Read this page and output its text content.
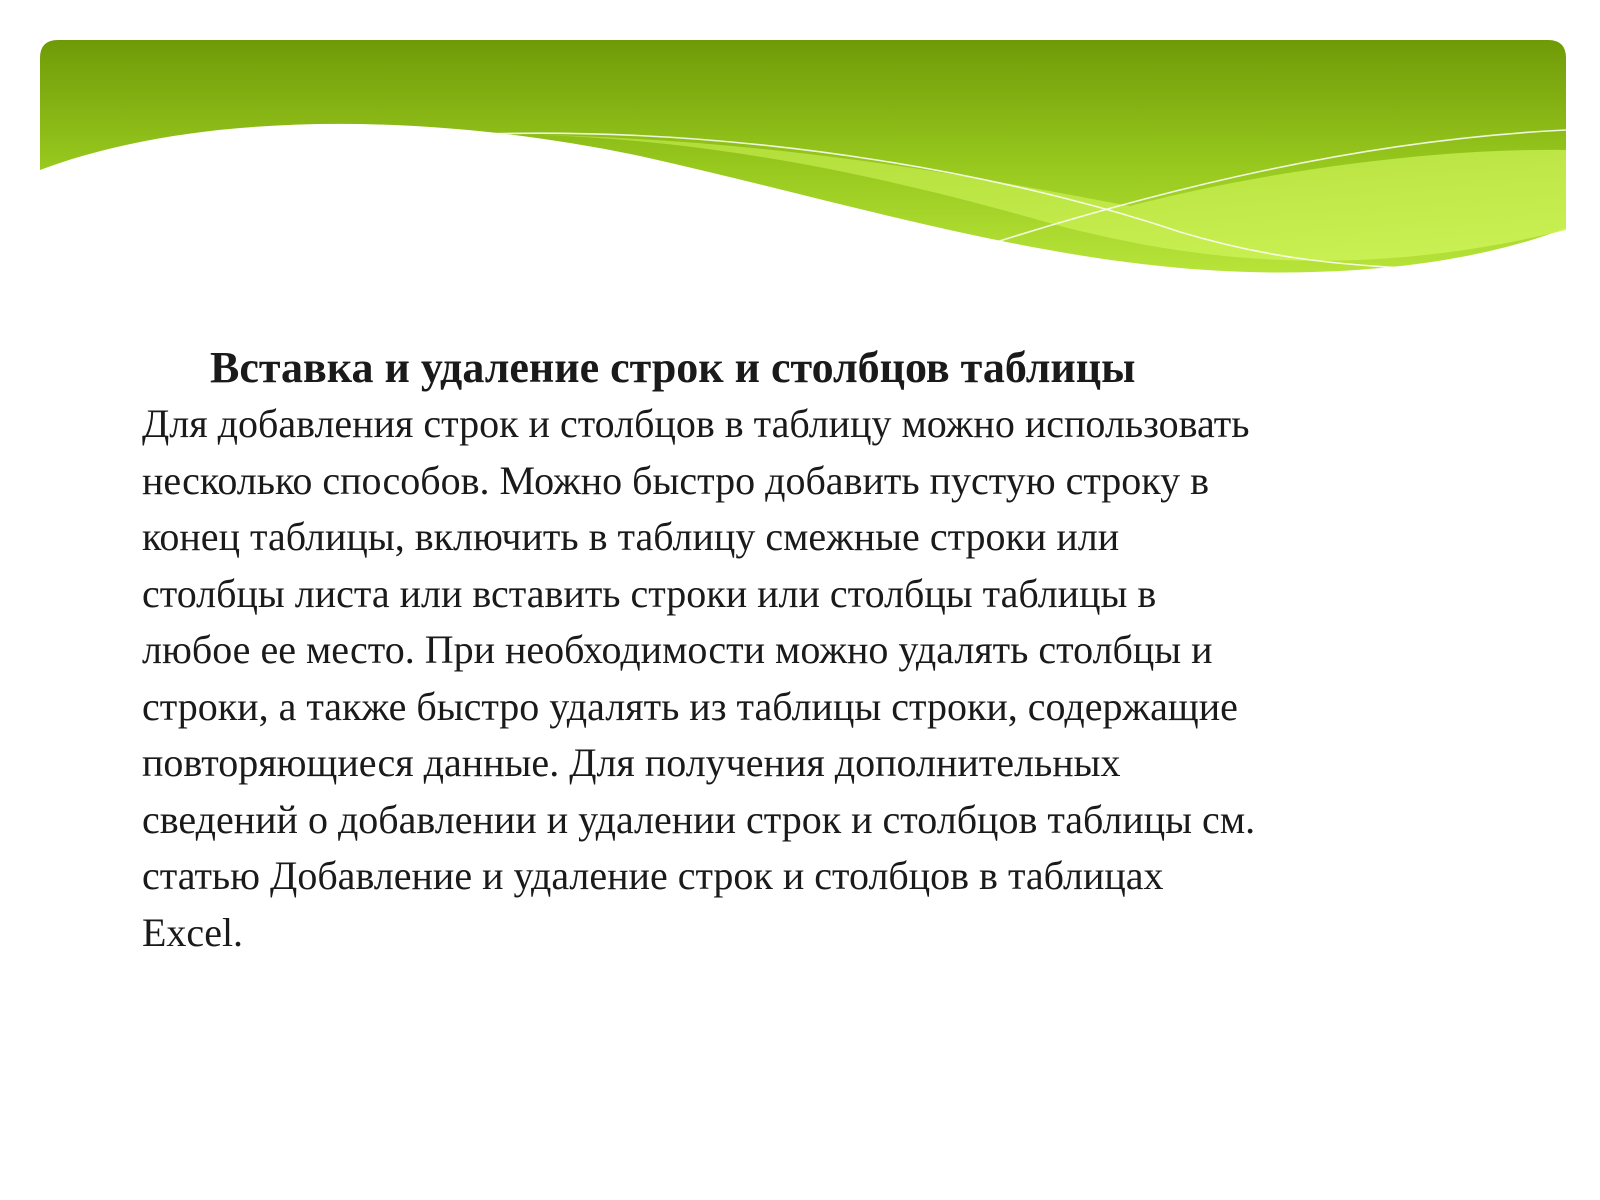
Вставка и удаление строк и столбцов таблицы

Для добавления строк и столбцов в таблицу можно использовать
несколько способов. Можно быстро добавить пустую строку в
конец таблицы, включить в таблицу смежные строки или
столбцы листа или вставить строки или столбцы таблицы в
любое ее место. При необходимости можно удалять столбцы и
строки, а также быстро удалять из таблицы строки, содержащие
повторяющиеся данные. Для получения дополнительных
сведений о добавлении и удалении строк и столбцов таблицы см.
статью Добавление и удаление строк и столбцов в таблицах
Excel.
